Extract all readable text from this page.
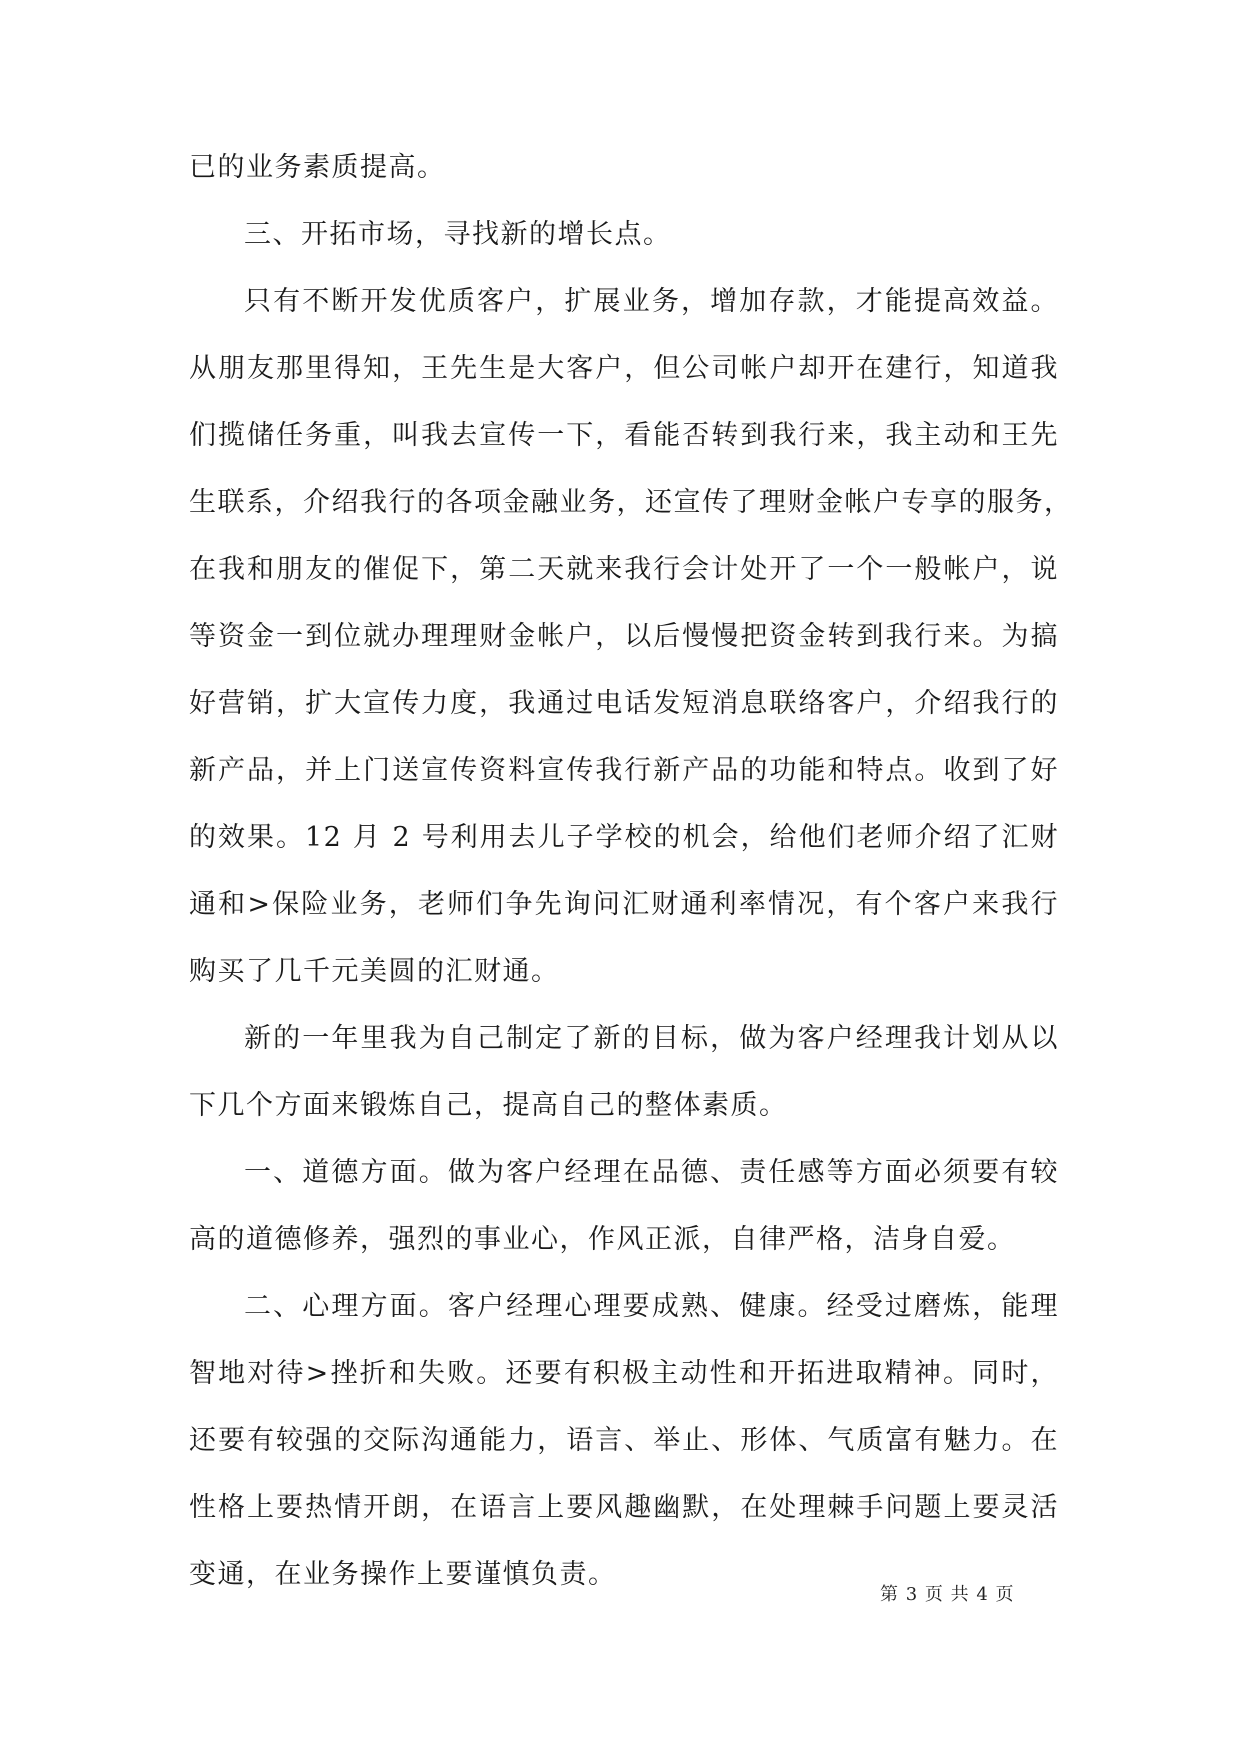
已的业务素质提高。
三、开拓市场，寻找新的增长点。
只有不断开发优质客户，扩展业务，增加存款，才能提高效益。
从朋友那里得知，王先生是大客户，但公司帐户却开在建行，知道我
们揽储任务重，叫我去宣传一下，看能否转到我行来，我主动和王先
生联系，介绍我行的各项金融业务，还宣传了理财金帐户专享的服务，
在我和朋友的催促下，第二天就来我行会计处开了一个一般帐户，说
等资金一到位就办理理财金帐户，以后慢慢把资金转到我行来。为搞
好营销，扩大宣传力度，我通过电话发短消息联络客户，介绍我行的
新产品，并上门送宣传资料宣传我行新产品的功能和特点。收到了好
的效果。12 月 2 号利用去儿子学校的机会，给他们老师介绍了汇财
通和>保险业务，老师们争先询问汇财通利率情况，有个客户来我行
购买了几千元美圆的汇财通。
新的一年里我为自己制定了新的目标，做为客户经理我计划从以
下几个方面来锻炼自己，提高自己的整体素质。
一、道德方面。做为客户经理在品德、责任感等方面必须要有较
高的道德修养，强烈的事业心，作风正派，自律严格，洁身自爱。
二、心理方面。客户经理心理要成熟、健康。经受过磨炼，能理
智地对待>挫折和失败。还要有积极主动性和开拓进取精神。同时，
还要有较强的交际沟通能力，语言、举止、形体、气质富有魅力。在
性格上要热情开朗，在语言上要风趣幽默，在处理棘手问题上要灵活
变通，在业务操作上要谨慎负责。
第 3 页 共 4 页
